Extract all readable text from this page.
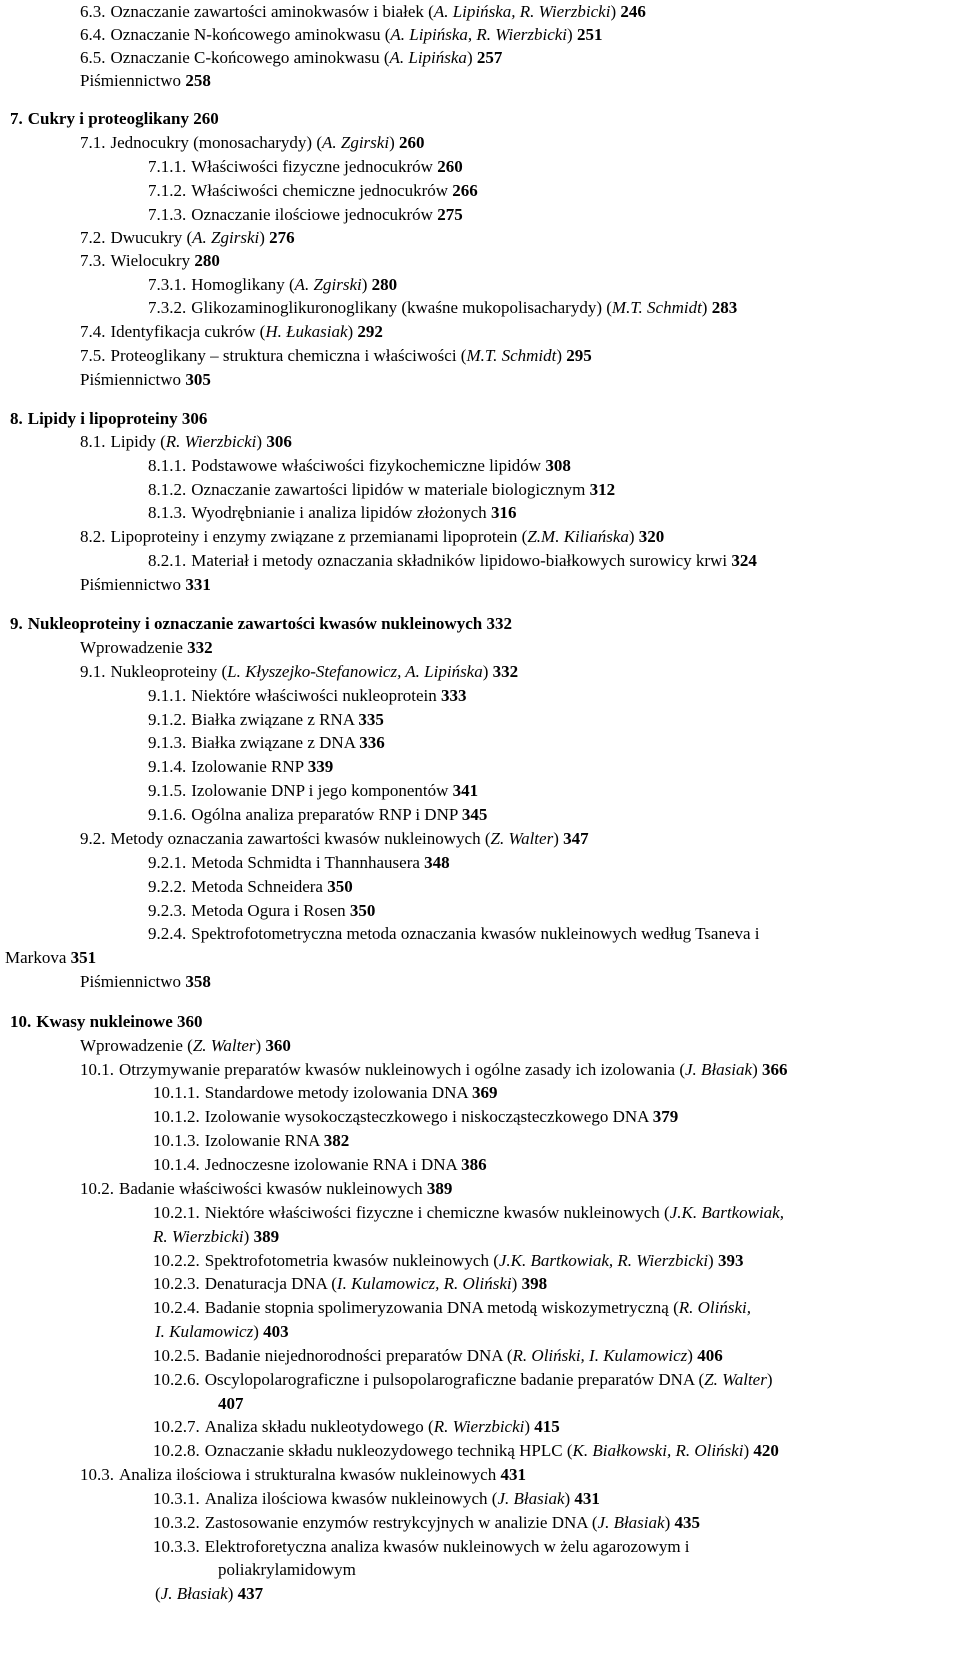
6.3. Oznaczanie zawartości aminokwasów i białek (A. Lipińska, R. Wierzbicki) 246
6.4. Oznaczanie N-końcowego aminokwasu (A. Lipińska, R. Wierzbicki) 251
6.5. Oznaczanie C-końcowego aminokwasu (A. Lipińska) 257
Piśmiennictwo 258
7. Cukry i proteoglikany 260
7.1. Jednocukry (monosacharydy) (A. Zgirski) 260
7.1.1. Właściwości fizyczne jednocukrów 260
7.1.2. Właściwości chemiczne jednocukrów 266
7.1.3. Oznaczanie ilościowe jednocukrów 275
7.2. Dwucukry (A. Zgirski) 276
7.3. Wielocukry 280
7.3.1. Homoglikany (A. Zgirski) 280
7.3.2. Glikozaminoglikuronoglikany (kwaśne mukopolisacharydy) (M.T. Schmidt) 283
7.4. Identyfikacja cukrów (H. Łukasiak) 292
7.5. Proteoglikany – struktura chemiczna i właściwości (M.T. Schmidt) 295
Piśmiennictwo 305
8. Lipidy i lipoproteiny 306
8.1. Lipidy (R. Wierzbicki) 306
8.1.1. Podstawowe właściwości fizykochemiczne lipidów 308
8.1.2. Oznaczanie zawartości lipidów w materiale biologicznym 312
8.1.3. Wyodrębnianie i analiza lipidów złożonych 316
8.2. Lipoproteiny i enzymy związane z przemianami lipoprotein (Z.M. Kiliańska) 320
8.2.1. Materiał i metody oznaczania składników lipidowo-białkowych surowicy krwi 324
Piśmiennictwo 331
9. Nukleoproteiny i oznaczanie zawartości kwasów nukleinowych 332
Wprowadzenie 332
9.1. Nukleoproteiny (L. Kłyszejko-Stefanowicz, A. Lipińska) 332
9.1.1. Niektóre właściwości nukleoprotein 333
9.1.2. Białka związane z RNA 335
9.1.3. Białka związane z DNA 336
9.1.4. Izolowanie RNP 339
9.1.5. Izolowanie DNP i jego komponentów 341
9.1.6. Ogólna analiza preparatów RNP i DNP 345
9.2. Metody oznaczania zawartości kwasów nukleinowych (Z. Walter) 347
9.2.1. Metoda Schmidta i Thannhausera 348
9.2.2. Metoda Schneidera 350
9.2.3. Metoda Ogura i Rosen 350
9.2.4. Spektrofotometryczna metoda oznaczania kwasów nukleinowych według Tsaneva i
Markova 351
Piśmiennictwo 358
10. Kwasy nukleinowe 360
Wprowadzenie (Z. Walter) 360
10.1. Otrzymywanie preparatów kwasów nukleinowych i ogólne zasady ich izolowania (J. Błasiak) 366
10.1.1. Standardowe metody izolowania DNA 369
10.1.2. Izolowanie wysokocząsteczkowego i niskocząsteczkowego DNA 379
10.1.3. Izolowanie RNA 382
10.1.4. Jednoczesne izolowanie RNA i DNA 386
10.2. Badanie właściwości kwasów nukleinowych 389
10.2.1. Niektóre właściwości fizyczne i chemiczne kwasów nukleinowych (J.K. Bartkowiak,
R. Wierzbicki) 389
10.2.2. Spektrofotometria kwasów nukleinowych (J.K. Bartkowiak, R. Wierzbicki) 393
10.2.3. Denaturacja DNA (I. Kulamowicz, R. Oliński) 398
10.2.4. Badanie stopnia spolimeryzowania DNA metodą wiskozymetryczną (R. Oliński,
I. Kulamowicz) 403
10.2.5. Badanie niejednorodności preparatów DNA (R. Oliński, I. Kulamowicz) 406
10.2.6. Oscylopolarograficzne i pulsopolarograficzne badanie preparatów DNA (Z. Walter)
407
10.2.7. Analiza składu nukleotydowego (R. Wierzbicki) 415
10.2.8. Oznaczanie składu nukleozydowego techniką HPLC (K. Białkowski, R. Oliński) 420
10.3. Analiza ilościowa i strukturalna kwasów nukleinowych 431
10.3.1. Analiza ilościowa kwasów nukleinowych (J. Błasiak) 431
10.3.2. Zastosowanie enzymów restrykcyjnych w analizie DNA (J. Błasiak) 435
10.3.3. Elektroforetyczna analiza kwasów nukleinowych w żelu agarozowym i
poliakrylamidowym
(J. Błasiak) 437
